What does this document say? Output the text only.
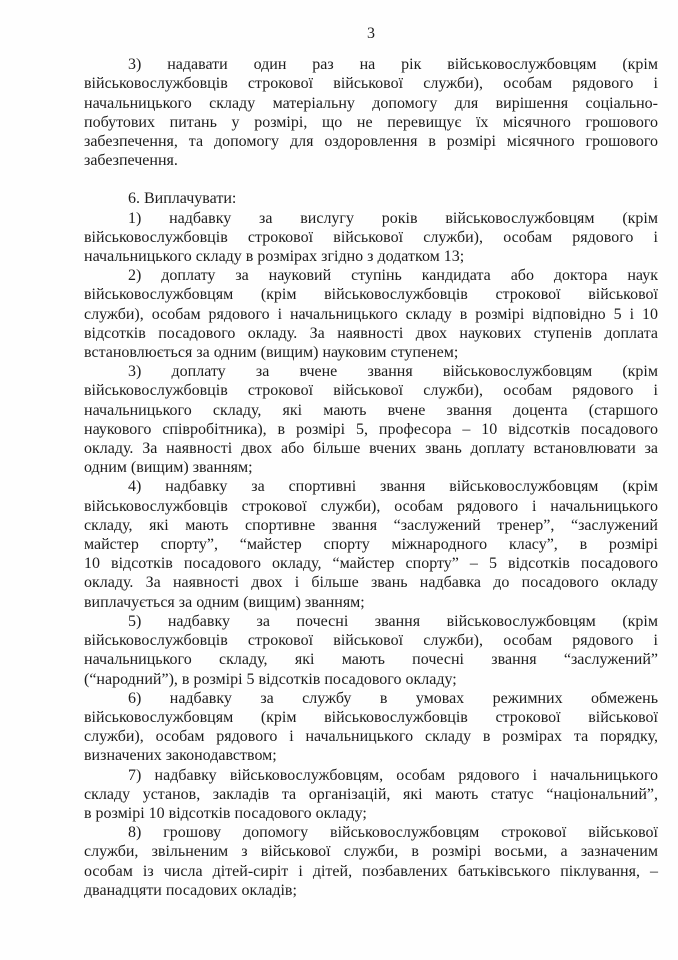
3
3) надавати один раз на рік військовослужбовцям (крім
військовослужбовців строкової військової служби), особам рядового і
начальницького складу матеріальну допомогу для вирішення соціально-
побутових питань у розмірі, що не перевищує їх місячного грошового
забезпечення, та допомогу для оздоровлення в розмірі місячного грошового
забезпечення.
6. Виплачувати:
1) надбавку за вислугу років військовослужбовцям (крім
військовослужбовців строкової військової служби), особам рядового і
начальницького складу в розмірах згідно з додатком 13;
2) доплату за науковий ступінь кандидата або доктора наук
військовослужбовцям (крім військовослужбовців строкової військової
служби), особам рядового і начальницького складу в розмірі відповідно 5 і 10
відсотків посадового окладу. За наявності двох наукових ступенів доплата
встановлюється за одним (вищим) науковим ступенем;
3) доплату за вчене звання військовослужбовцям (крім
військовослужбовців строкової військової служби), особам рядового і
начальницького складу, які мають вчене звання доцента (старшого
наукового співробітника), в розмірі 5, професора – 10 відсотків посадового
окладу. За наявності двох або більше вчених звань доплату встановлювати за
одним (вищим) званням;
4) надбавку за спортивні звання військовослужбовцям (крім
військовослужбовців строкової служби), особам рядового і начальницького
складу, які мають спортивне звання “заслужений тренер”, “заслужений
майстер спорту”, “майстер спорту міжнародного класу”, в розмірі
10 відсотків посадового окладу, “майстер спорту” – 5 відсотків посадового
окладу. За наявності двох і більше звань надбавка до посадового окладу
виплачується за одним (вищим) званням;
5) надбавку за почесні звання військовослужбовцям (крім
військовослужбовців строкової військової служби), особам рядового і
начальницького складу, які мають почесні звання “заслужений”
(“народний”), в розмірі 5 відсотків посадового окладу;
6) надбавку за службу в умовах режимних обмежень
військовослужбовцям (крім військовослужбовців строкової військової
служби), особам рядового і начальницького складу в розмірах та порядку,
визначених законодавством;
7) надбавку військовослужбовцям, особам рядового і начальницького
складу установ, закладів та організацій, які мають статус “національний”,
в розмірі 10 відсотків посадового окладу;
8) грошову допомогу військовослужбовцям строкової військової
служби, звільненим з військової служби, в розмірі восьми, а зазначеним
особам із числа дітей-сиріт і дітей, позбавлених батьківського піклування, –
дванадцяти посадових окладів;
